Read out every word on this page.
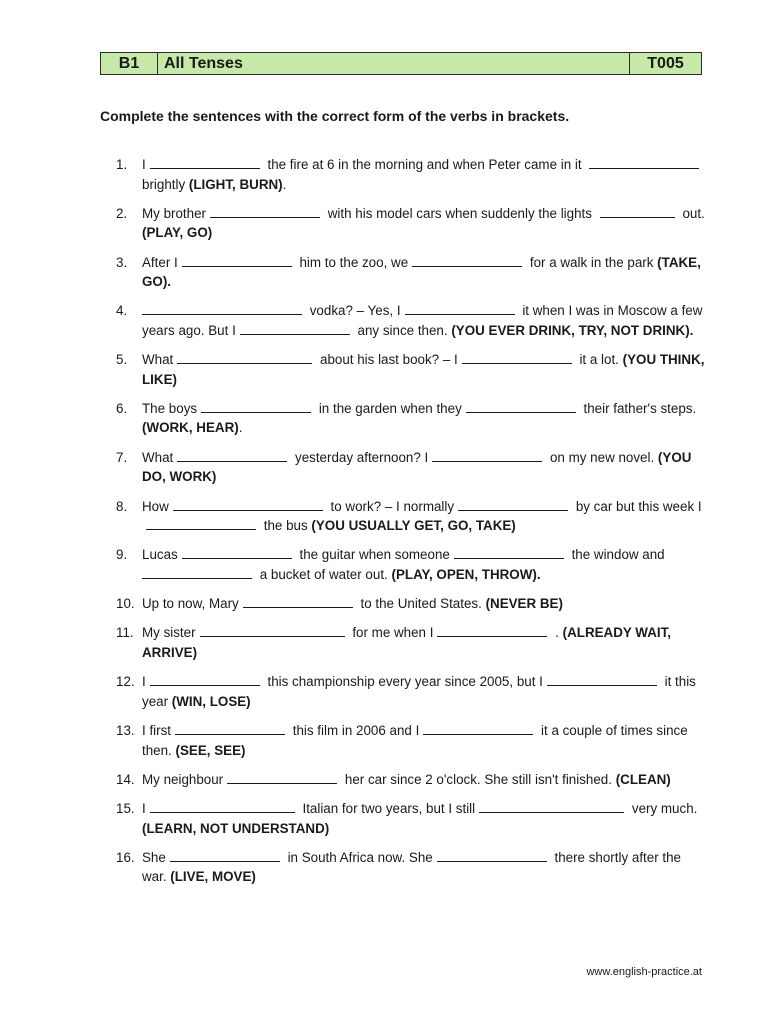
B1	All Tenses	T005
Complete the sentences with the correct form of the verbs in brackets.
1.	I	the fire at 6 in the morning and when Peter came in it  brightly (LIGHT, BURN).
2.	My brother	with his model cars when suddenly the lights	out. (PLAY, GO)
3.	After I	him to the zoo, we	for a walk in the park (TAKE, GO).
4.	vodka? – Yes, I	it when I was in Moscow a few years ago. But I	any since then. (YOU EVER DRINK, TRY, NOT DRINK).
5.	What	about his last book? – I	it a lot. (YOU THINK, LIKE)
6.	The boys	in the garden when they	their father's steps. (WORK, HEAR).
7.	What	yesterday afternoon? I	on my new novel. (YOU DO, WORK)
8.	How	to work? – I normally	by car but this week I the bus (YOU USUALLY GET, GO, TAKE)
9.	Lucas	the guitar when someone	the window and  a bucket of water out. (PLAY, OPEN, THROW).
10. Up to now, Mary	to the United States. (NEVER BE)
11. My sister	for me when I	. (ALREADY WAIT, ARRIVE)
12. I	this championship every year since 2005, but I	it this year (WIN, LOSE)
13. I first	this film in 2006 and I	it a couple of times since then. (SEE, SEE)
14. My neighbour	her car since 2 o'clock. She still isn't finished. (CLEAN)
15. I	Italian for two years, but I still	very much. (LEARN, NOT UNDERSTAND)
16. She	in South Africa now. She	there shortly after the war. (LIVE, MOVE)
www.english-practice.at
